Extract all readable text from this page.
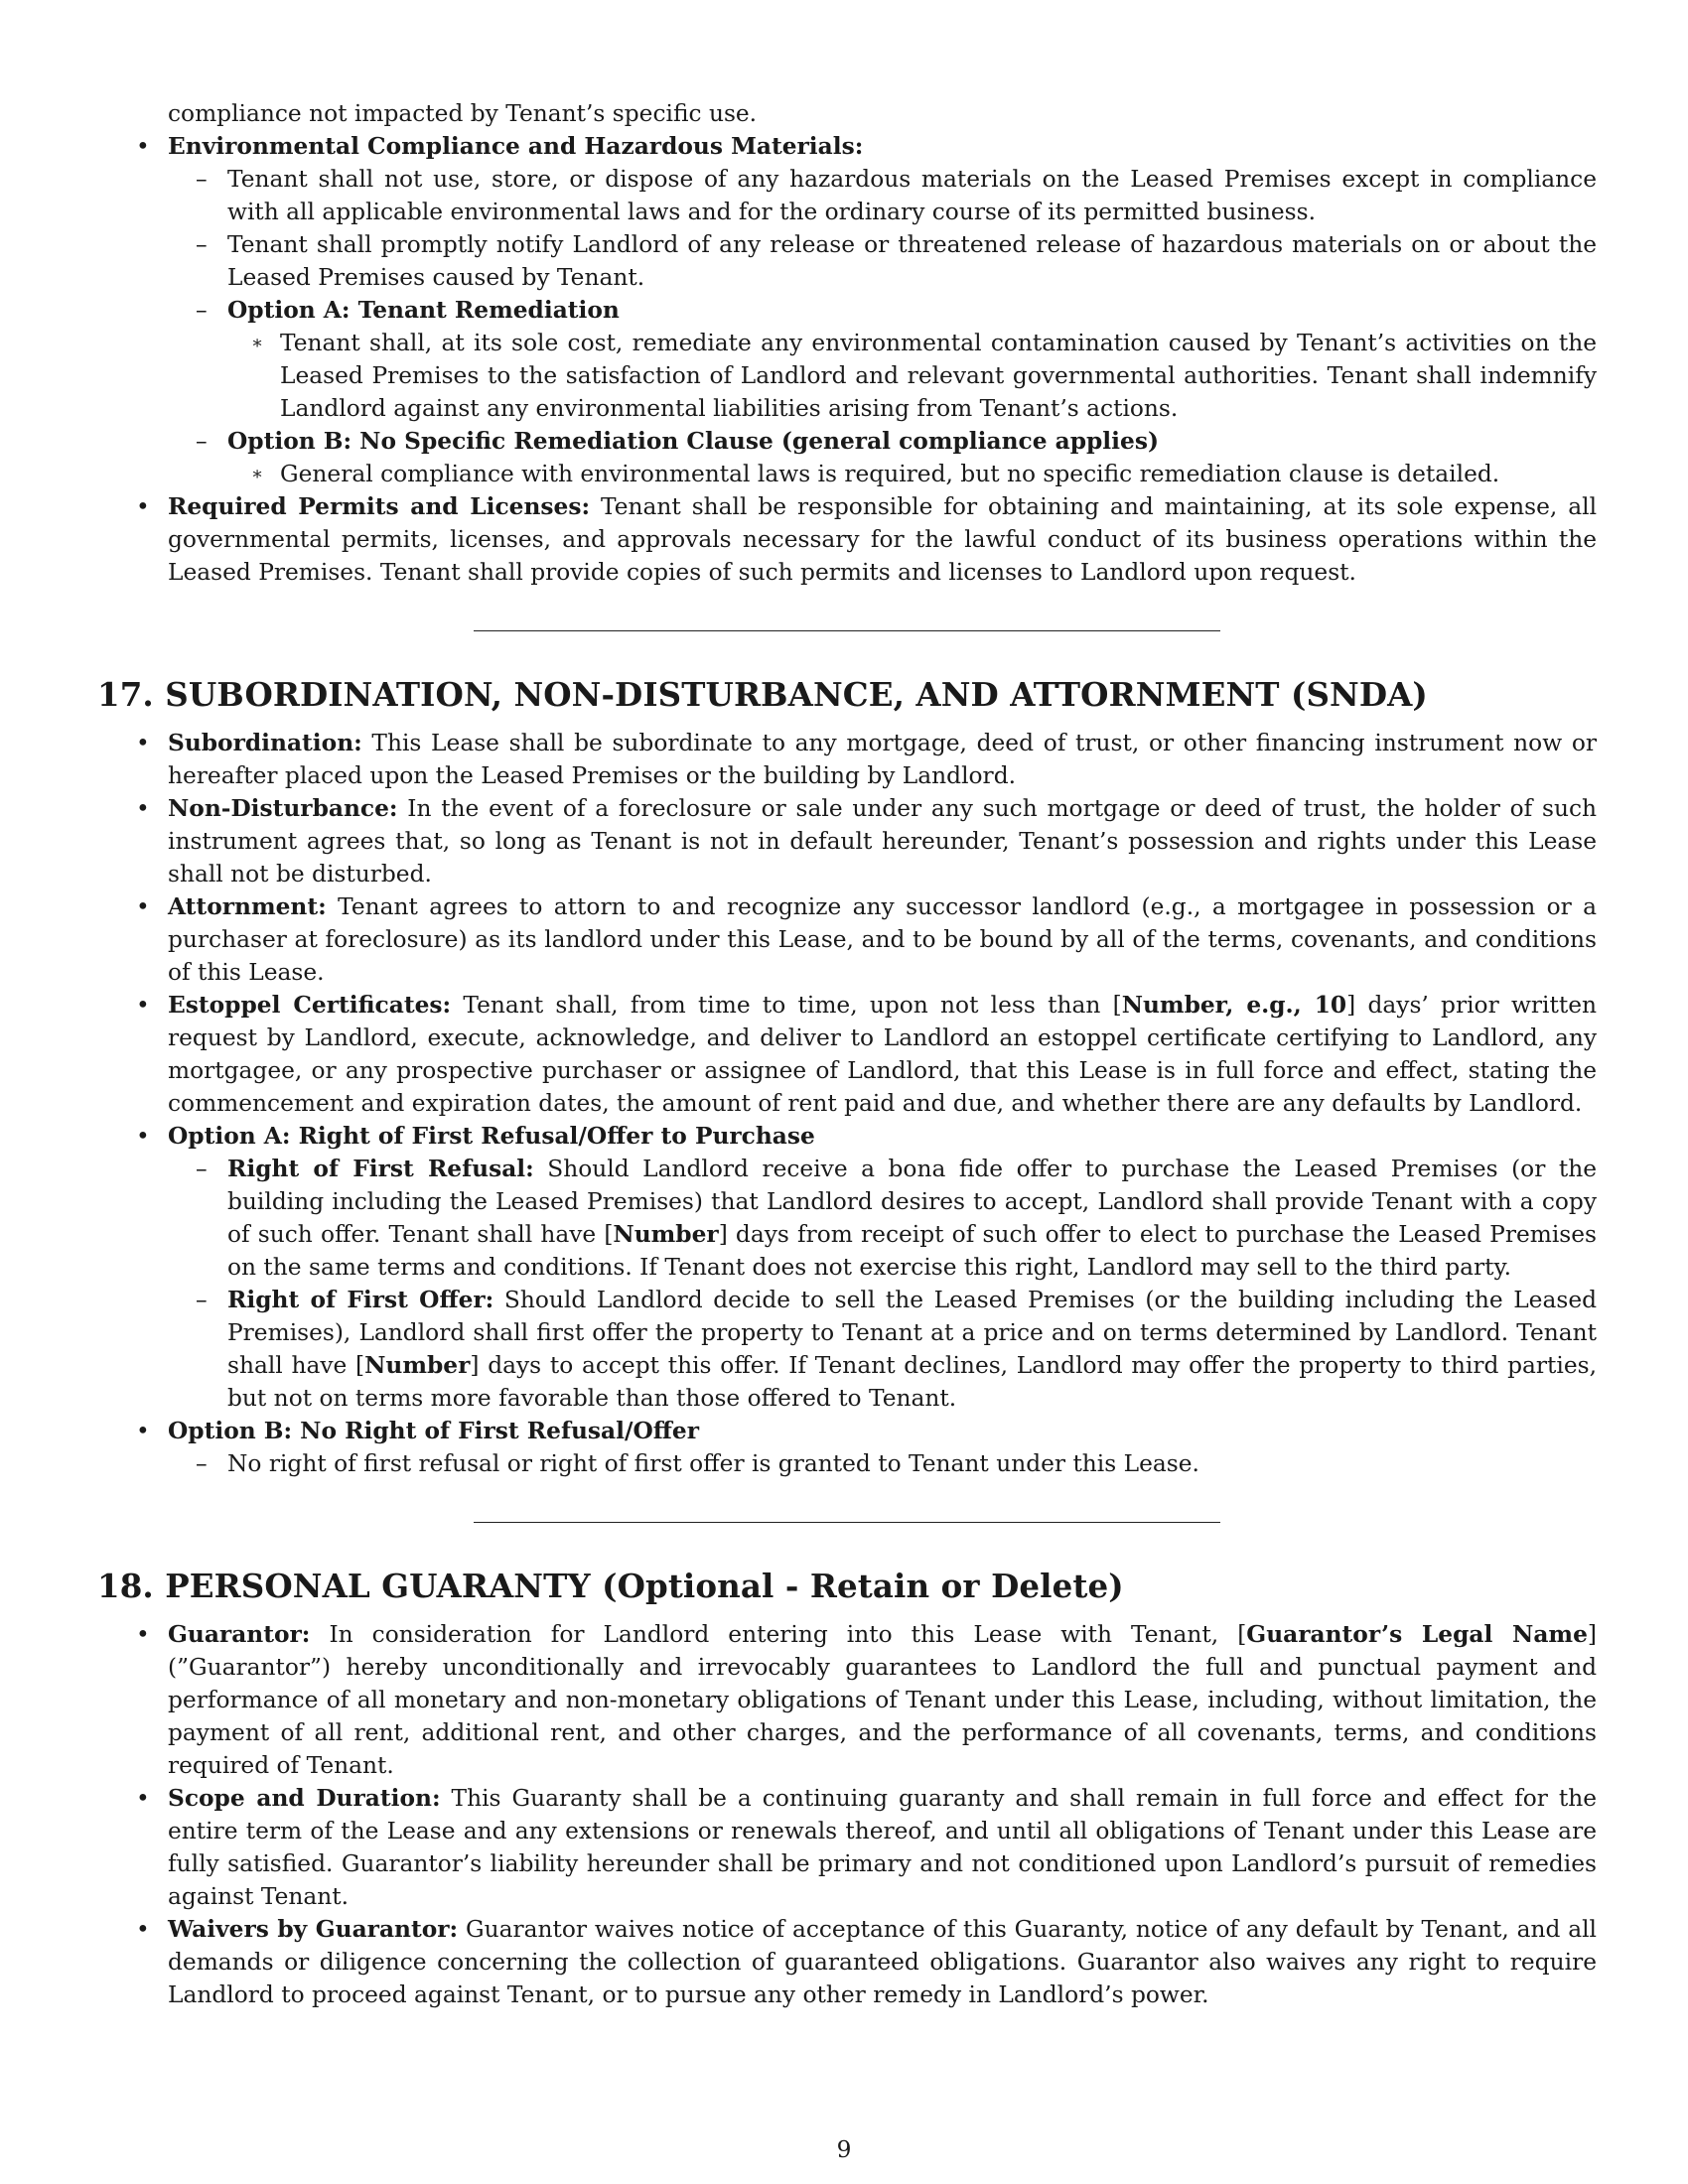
compliance not impacted by Tenant’s specific use.

• Environmental Compliance and Hazardous Materials:
– Tenant shall not use, store, or dispose of any hazardous materials on the Leased Premises except in compliance with all applicable environmental laws and for the ordinary course of its permitted business.
– Tenant shall promptly notify Landlord of any release or threatened release of hazardous materials on or about the Leased Premises caused by Tenant.
– Option A: Tenant Remediation
∗ Tenant shall, at its sole cost, remediate any environmental contamination caused by Tenant’s activities on the Leased Premises to the satisfaction of Landlord and relevant governmental authorities. Tenant shall indemnify Landlord against any environmental liabilities arising from Tenant’s actions.
– Option B: No Specific Remediation Clause (general compliance applies)
∗ General compliance with environmental laws is required, but no specific remediation clause is detailed.
• Required Permits and Licenses: Tenant shall be responsible for obtaining and maintaining, at its sole expense, all governmental permits, licenses, and approvals necessary for the lawful conduct of its business operations within the Leased Premises. Tenant shall provide copies of such permits and licenses to Landlord upon request.
17. SUBORDINATION, NON-DISTURBANCE, AND ATTORNMENT (SNDA)
• Subordination: This Lease shall be subordinate to any mortgage, deed of trust, or other financing instrument now or hereafter placed upon the Leased Premises or the building by Landlord.
• Non-Disturbance: In the event of a foreclosure or sale under any such mortgage or deed of trust, the holder of such instrument agrees that, so long as Tenant is not in default hereunder, Tenant’s possession and rights under this Lease shall not be disturbed.
• Attornment: Tenant agrees to attorn to and recognize any successor landlord (e.g., a mortgagee in possession or a purchaser at foreclosure) as its landlord under this Lease, and to be bound by all of the terms, covenants, and conditions of this Lease.
• Estoppel Certificates: Tenant shall, from time to time, upon not less than [Number, e.g., 10] days’ prior written request by Landlord, execute, acknowledge, and deliver to Landlord an estoppel certificate certifying to Landlord, any mortgagee, or any prospective purchaser or assignee of Landlord, that this Lease is in full force and effect, stating the commencement and expiration dates, the amount of rent paid and due, and whether there are any defaults by Landlord.
• Option A: Right of First Refusal/Offer to Purchase
– Right of First Refusal: Should Landlord receive a bona fide offer to purchase the Leased Premises (or the building including the Leased Premises) that Landlord desires to accept, Landlord shall provide Tenant with a copy of such offer. Tenant shall have [Number] days from receipt of such offer to elect to purchase the Leased Premises on the same terms and conditions. If Tenant does not exercise this right, Landlord may sell to the third party.
– Right of First Offer: Should Landlord decide to sell the Leased Premises (or the building including the Leased Premises), Landlord shall first offer the property to Tenant at a price and on terms determined by Landlord. Tenant shall have [Number] days to accept this offer. If Tenant declines, Landlord may offer the property to third parties, but not on terms more favorable than those offered to Tenant.
• Option B: No Right of First Refusal/Offer
– No right of first refusal or right of first offer is granted to Tenant under this Lease.
18. PERSONAL GUARANTY (Optional - Retain or Delete)
• Guarantor: In consideration for Landlord entering into this Lease with Tenant, [Guarantor’s Legal Name] (”Guarantor”) hereby unconditionally and irrevocably guarantees to Landlord the full and punctual payment and performance of all monetary and non-monetary obligations of Tenant under this Lease, including, without limitation, the payment of all rent, additional rent, and other charges, and the performance of all covenants, terms, and conditions required of Tenant.
• Scope and Duration: This Guaranty shall be a continuing guaranty and shall remain in full force and effect for the entire term of the Lease and any extensions or renewals thereof, and until all obligations of Tenant under this Lease are fully satisfied. Guarantor’s liability hereunder shall be primary and not conditioned upon Landlord’s pursuit of remedies against Tenant.
• Waivers by Guarantor: Guarantor waives notice of acceptance of this Guaranty, notice of any default by Tenant, and all demands or diligence concerning the collection of guaranteed obligations. Guarantor also waives any right to require Landlord to proceed against Tenant, or to pursue any other remedy in Landlord’s power.
9
